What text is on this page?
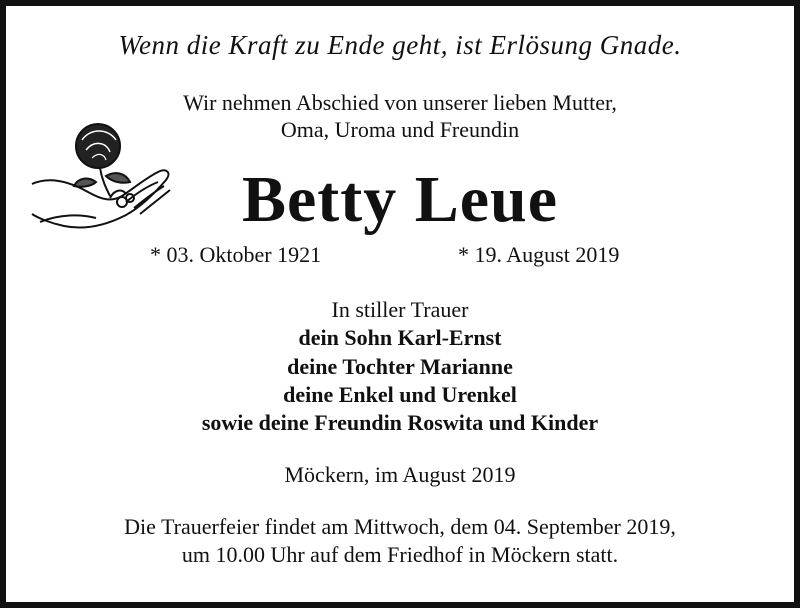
Wenn die Kraft zu Ende geht, ist Erlösung Gnade.
Wir nehmen Abschied von unserer lieben Mutter,
Oma, Uroma und Freundin
Betty Leue
* 03. Oktober 1921	* 19. August 2019
In stiller Trauer
dein Sohn Karl-Ernst
deine Tochter Marianne
deine Enkel und Urenkel
sowie deine Freundin Roswita und Kinder
Möckern, im August 2019
Die Trauerfeier findet am Mittwoch, dem 04. September 2019,
um 10.00 Uhr auf dem Friedhof in Möckern statt.
